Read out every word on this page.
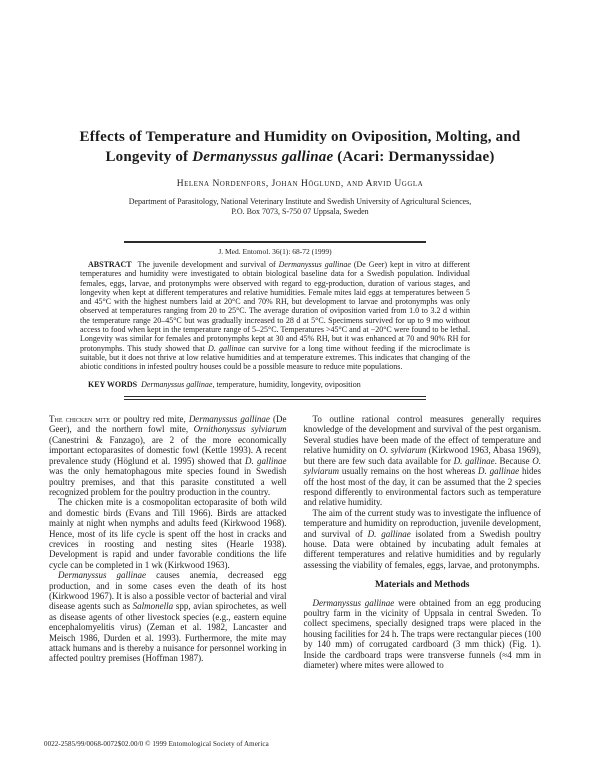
Effects of Temperature and Humidity on Oviposition, Molting, and
Longevity of Dermanyssus gallinae (Acari: Dermanyssidae)
Helena Nordenfors, Johan Höglund, and Arvid Uggla
Department of Parasitology, National Veterinary Institute and Swedish University of Agricultural Sciences,
P.O. Box 7073, S-750 07 Uppsala, Sweden
J. Med. Entomol. 36(1): 68-72 (1999)
ABSTRACT  The juvenile development and survival of Dermanyssus gallinae (De Geer) kept in vitro at different temperatures and humidity were investigated to obtain biological baseline data for a Swedish population. Individual females, eggs, larvae, and protonymphs were observed with regard to egg-production, duration of various stages, and longevity when kept at different temperatures and relative humidities. Female mites laid eggs at temperatures between 5 and 45°C with the highest numbers laid at 20°C and 70% RH, but development to larvae and protonymphs was only observed at temperatures ranging from 20 to 25°C. The average duration of oviposition varied from 1.0 to 3.2 d within the temperature range 20–45°C but was gradually increased to 28 d at 5°C. Specimens survived for up to 9 mo without access to food when kept in the temperature range of 5–25°C. Temperatures >45°C and at −20°C were found to be lethal. Longevity was similar for females and protonymphs kept at 30 and 45% RH, but it was enhanced at 70 and 90% RH for protonymphs. This study showed that D. gallinae can survive for a long time without feeding if the microclimate is suitable, but it does not thrive at low relative humidities and at temperature extremes. This indicates that changing of the abiotic conditions in infested poultry houses could be a possible measure to reduce mite populations.
KEY WORDS  Dermanyssus gallinae, temperature, humidity, longevity, oviposition

The chicken mite or poultry red mite, Dermanyssus gallinae (De Geer), and the northern fowl mite, Ornithonyssus sylviarum (Canestrini & Fanzago), are 2 of the more economically important ectoparasites of domestic fowl (Kettle 1993). A recent prevalence study (Höglund et al. 1995) showed that D. gallinae was the only hematophagous mite species found in Swedish poultry premises, and that this parasite constituted a well recognized problem for the poultry production in the country.

The chicken mite is a cosmopolitan ectoparasite of both wild and domestic birds (Evans and Till 1966). Birds are attacked mainly at night when nymphs and adults feed (Kirkwood 1968). Hence, most of its life cycle is spent off the host in cracks and crevices in roosting and nesting sites (Hearle 1938). Development is rapid and under favorable conditions the life cycle can be completed in 1 wk (Kirkwood 1963).

Dermanyssus gallinae causes anemia, decreased egg production, and in some cases even the death of its host (Kirkwood 1967). It is also a possible vector of bacterial and viral disease agents such as Salmonella spp, avian spirochetes, as well as disease agents of other livestock species (e.g., eastern equine encephalomyelitis virus) (Zeman et al. 1982, Lancaster and Meisch 1986, Durden et al. 1993). Furthermore, the mite may attack humans and is thereby a nuisance for personnel working in affected poultry premises (Hoffman 1987).

To outline rational control measures generally requires knowledge of the development and survival of the pest organism. Several studies have been made of the effect of temperature and relative humidity on O. sylviarum (Kirkwood 1963, Abasa 1969), but there are few such data available for D. gallinae. Because O. sylviarum usually remains on the host whereas D. gallinae hides off the host most of the day, it can be assumed that the 2 species respond differently to environmental factors such as temperature and relative humidity.

The aim of the current study was to investigate the influence of temperature and humidity on reproduction, juvenile development, and survival of D. gallinae isolated from a Swedish poultry house. Data were obtained by incubating adult females at different temperatures and relative humidities and by regularly assessing the viability of females, eggs, larvae, and protonymphs.

Materials and Methods

Dermanyssus gallinae were obtained from an egg producing poultry farm in the vicinity of Uppsala in central Sweden. To collect specimens, specially designed traps were placed in the housing facilities for 24 h. The traps were rectangular pieces (100 by 140 mm) of corrugated cardboard (3 mm thick) (Fig. 1). Inside the cardboard traps were transverse funnels (≈4 mm in diameter) where mites were allowed to

0022-2585/99/0068-0072$02.00/0 © 1999 Entomological Society of America
